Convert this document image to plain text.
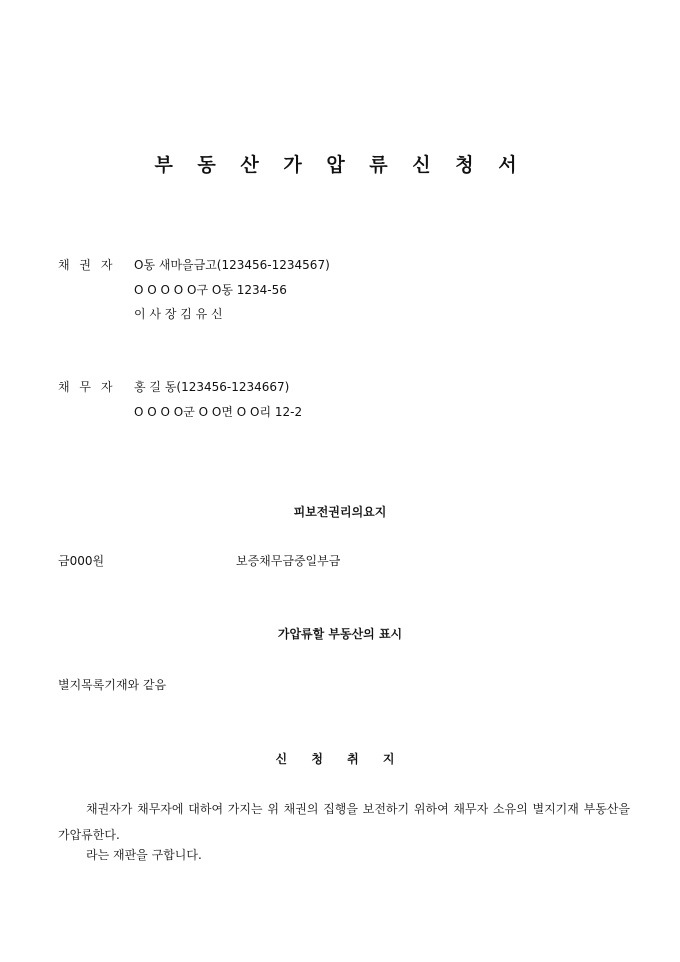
부 동 산 가 압 류 신 청 서
채 권 자 O동 새마을금고(123456-1234567)
O O O O O구 O동 1234-56
이 사 장 김 유 신
채 무 자 홍 길 동(123456-1234667)
O O O O군 O O면 O O리 12-2
피보전권리의요지
금000원	보증채무금중일부금
가압류할 부동산의 표시
별지목록기재와 같음
신 청 취 지
채권자가 채무자에 대하여 가지는 위 채권의 집행을 보전하기 위하여 채무자 소유의 별지기재 부동산을 가압류한다.
라는 재판을 구합니다.
